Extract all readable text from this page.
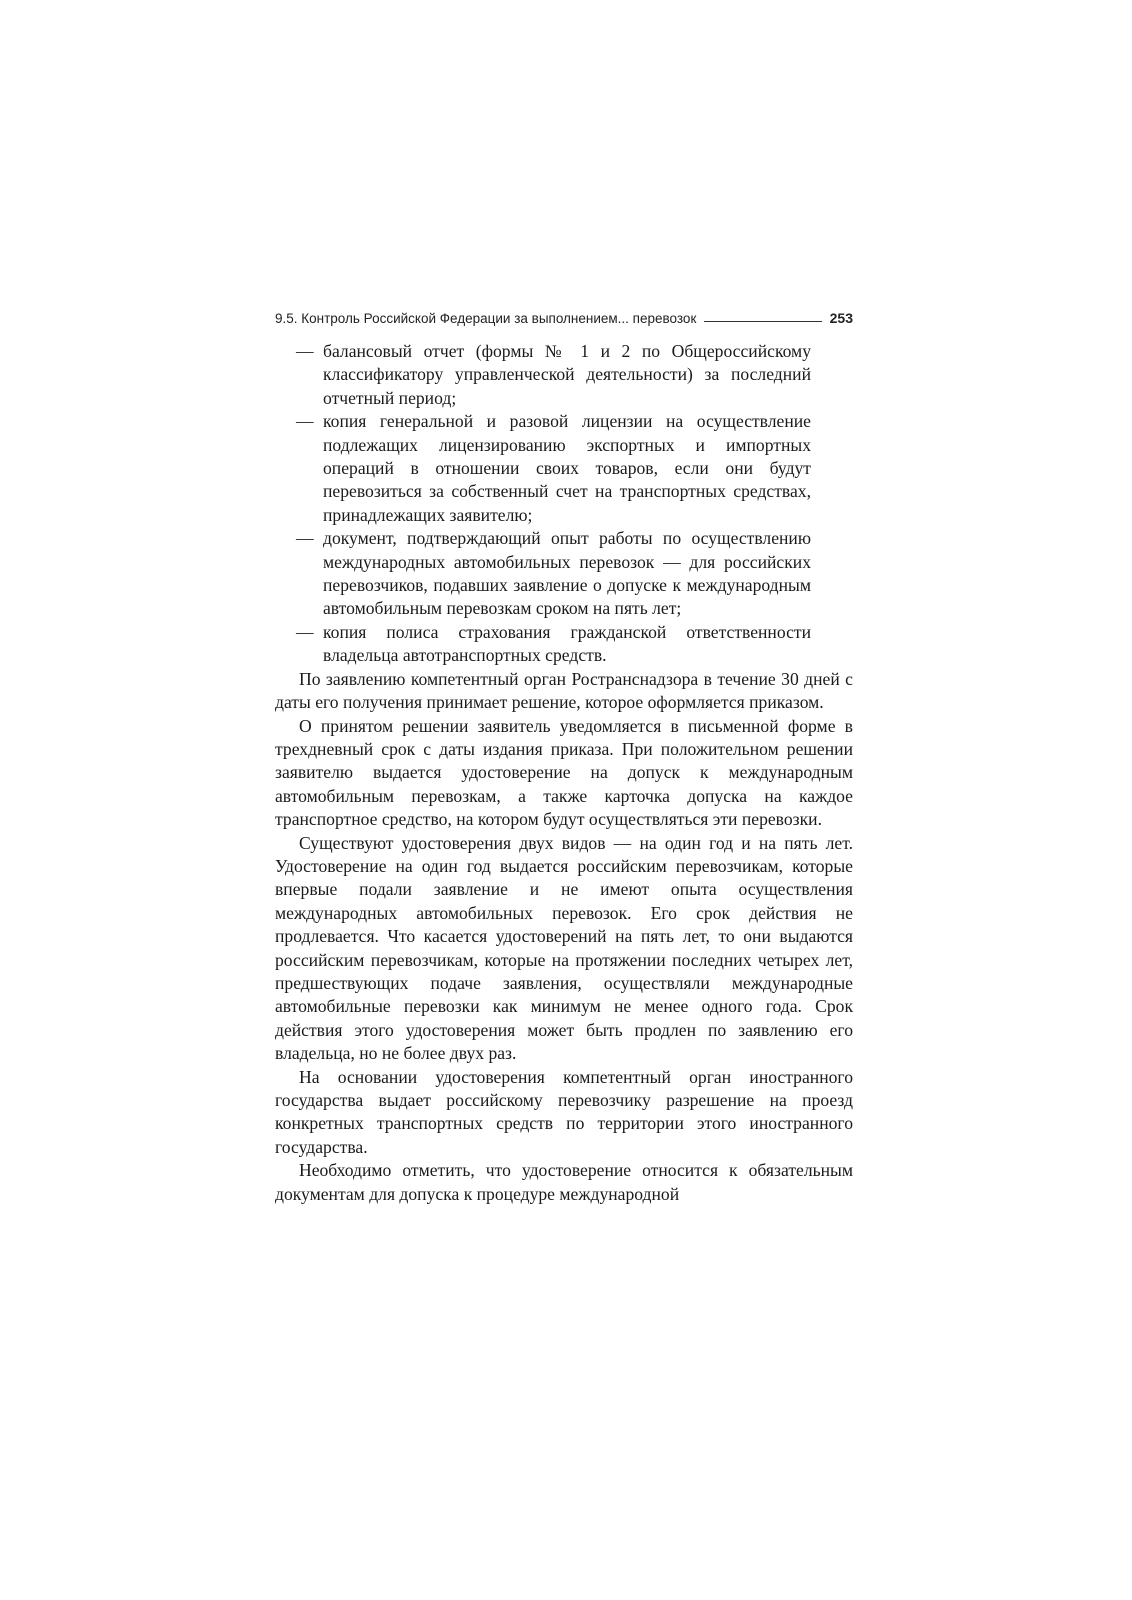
9.5. Контроль Российской Федерации за выполнением... перевозок	253
— балансовый отчет (формы № 1 и 2 по Общероссийскому классификатору управленческой деятельности) за последний отчетный период;
— копия генеральной и разовой лицензии на осуществление подлежащих лицензированию экспортных и импортных операций в отношении своих товаров, если они будут перевозиться за собственный счет на транспортных средствах, принадлежащих заявителю;
— документ, подтверждающий опыт работы по осуществлению международных автомобильных перевозок — для российских перевозчиков, подавших заявление о допуске к международным автомобильным перевозкам сроком на пять лет;
— копия полиса страхования гражданской ответственности владельца автотранспортных средств.

По заявлению компетентный орган Ространснадзора в течение 30 дней с даты его получения принимает решение, которое оформляется приказом.

О принятом решении заявитель уведомляется в письменной форме в трехдневный срок с даты издания приказа. При положительном решении заявителю выдается удостоверение на допуск к международным автомобильным перевозкам, а также карточка допуска на каждое транспортное средство, на котором будут осуществляться эти перевозки.

Существуют удостоверения двух видов — на один год и на пять лет. Удостоверение на один год выдается российским перевозчикам, которые впервые подали заявление и не имеют опыта осуществления международных автомобильных перевозок. Его срок действия не продлевается. Что касается удостоверений на пять лет, то они выдаются российским перевозчикам, которые на протяжении последних четырех лет, предшествующих подаче заявления, осуществляли международные автомобильные перевозки как минимум не менее одного года. Срок действия этого удостоверения может быть продлен по заявлению его владельца, но не более двух раз.

На основании удостоверения компетентный орган иностранного государства выдает российскому перевозчику разрешение на проезд конкретных транспортных средств по территории этого иностранного государства.

Необходимо отметить, что удостоверение относится к обязательным документам для допуска к процедуре международной
